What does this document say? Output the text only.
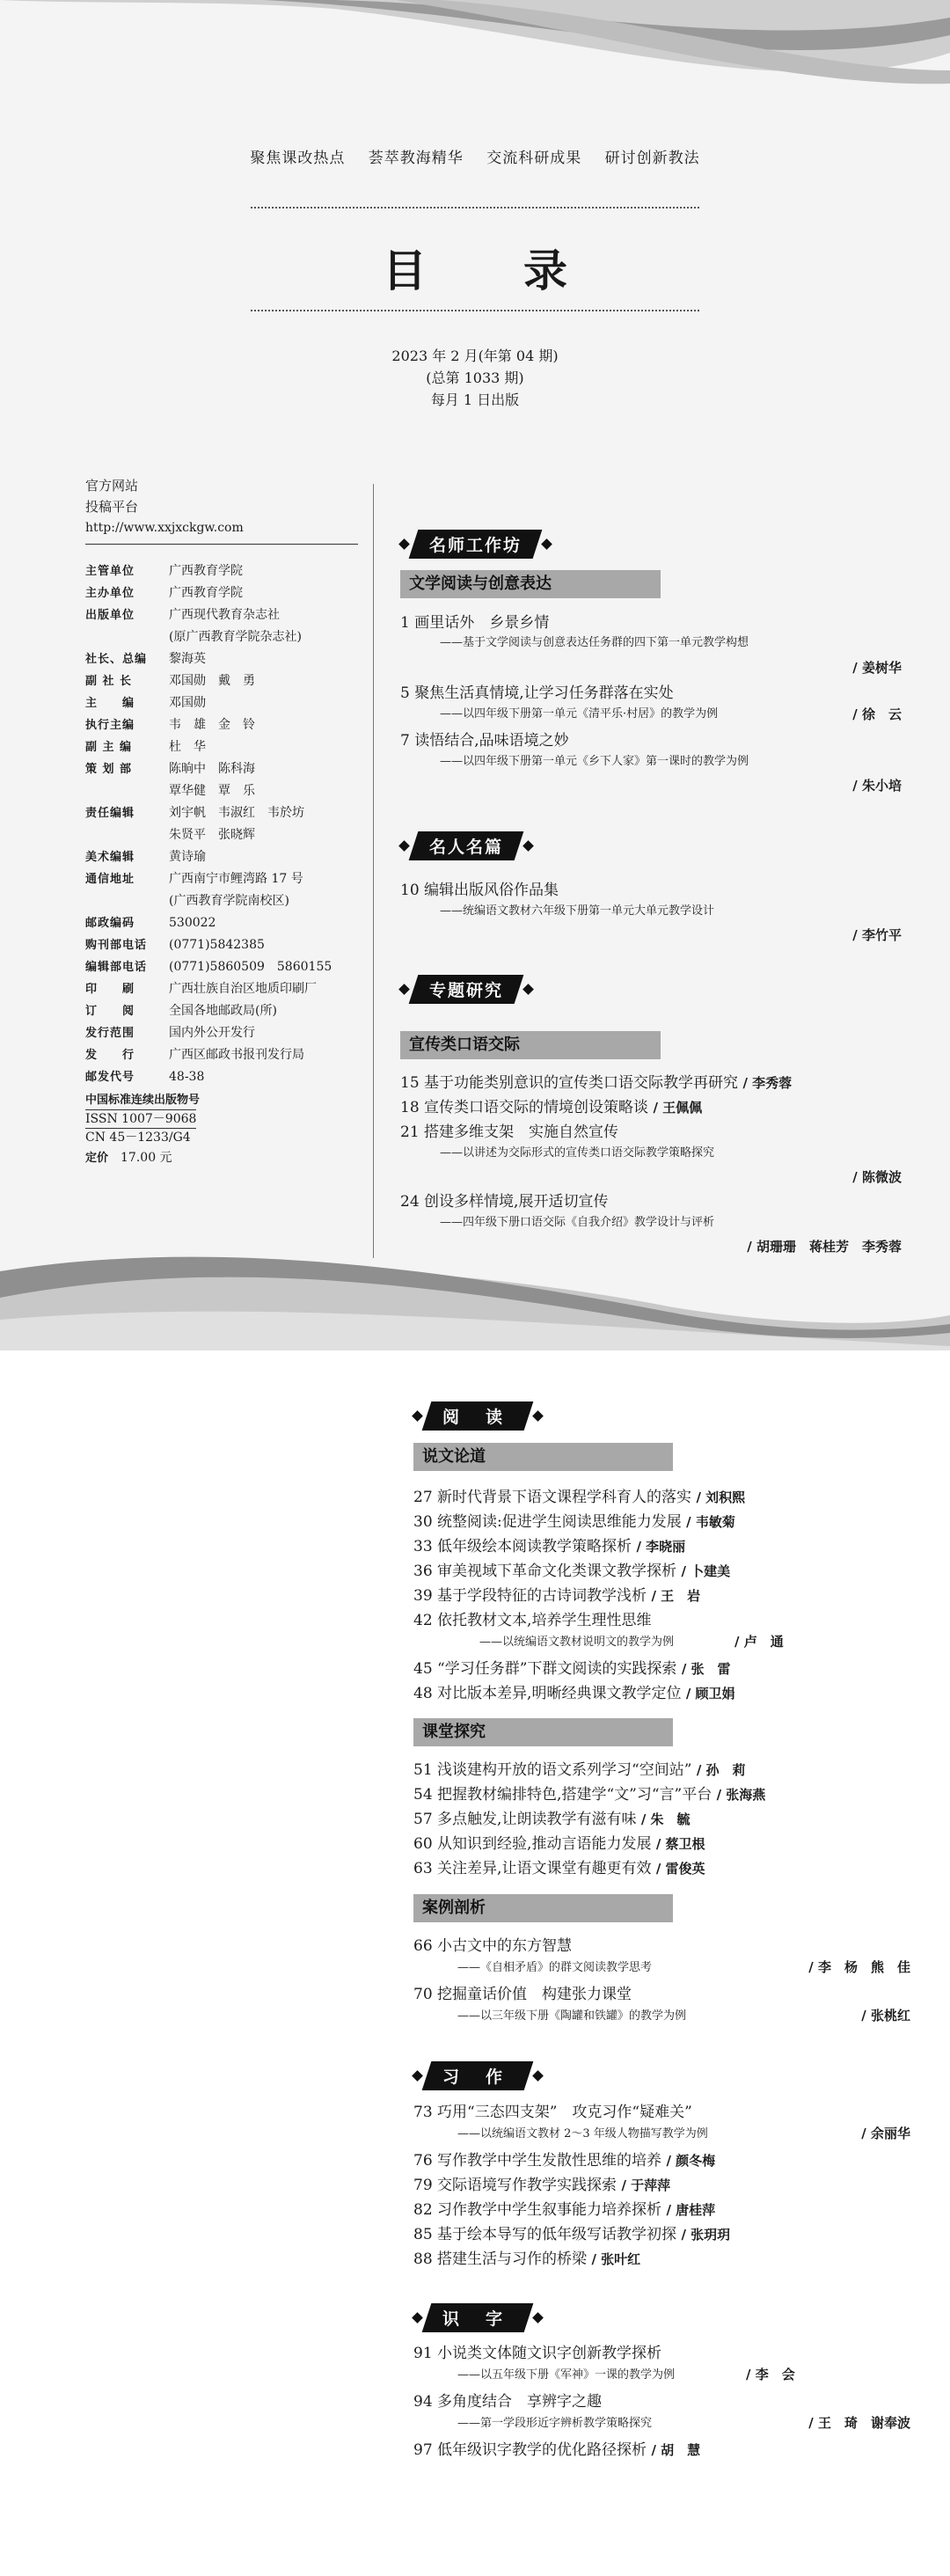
聚焦课改热点 荟萃教海精华 交流科研成果 研讨创新教法
目　录
2023 年 2 月(年第 04 期)
(总第 1033 期)
每月 1 日出版
官方网站
投稿平台
http://www.xxjxckgw.com
主管单位	广西教育学院
主办单位	广西教育学院
出版单位	广西现代教育杂志社
(原广西教育学院杂志社)
社长、总编	黎海英
副 社 长	邓国勋　戴　勇
主　　编	邓国勋
执行主编	韦　雄　金　铃
副 主 编	杜　华
策 划 部	陈晌中　陈科海
覃华健　覃　乐
责任编辑	刘宇帆　韦淑红　韦於坊
朱贤平　张晓辉
美术编辑	黄诗瑜
通信地址	广西南宁市鲤湾路 17 号
(广西教育学院南校区)
邮政编码	530022
购刊部电话	(0771)5842385
编辑部电话	(0771)5860509　5860155
印　　刷	广西壮族自治区地质印刷厂
订　　阅	全国各地邮政局(所)
发行范围	国内外公开发行
发　　行	广西区邮政书报刊发行局
邮发代号	48-38
中国标准连续出版物号
ISSN 1007－9068
CN 45－1233/G4
定价 17.00 元
名师工作坊
文学阅读与创意表达
1 画里话外　乡景乡情
——基于文学阅读与创意表达任务群的四下第一单元教学构想
/ 姜树华
5 聚焦生活真情境,让学习任务群落在实处
——以四年级下册第一单元《清平乐·村居》的教学为例	/ 徐　云
7 读悟结合,品味语境之妙
——以四年级下册第一单元《乡下人家》第一课时的教学为例
/ 朱小培
名人名篇
10 编辑出版风俗作品集
——统编语文教材六年级下册第一单元大单元教学设计
/ 李竹平
专题研究
宣传类口语交际
15 基于功能类别意识的宣传类口语交际教学再研究 / 李秀蓉
18 宣传类口语交际的情境创设策略谈 / 王佩佩
21 搭建多维支架　实施自然宣传
——以讲述为交际形式的宣传类口语交际教学策略探究
/ 陈微波
24 创设多样情境,展开适切宣传
——四年级下册口语交际《自我介绍》教学设计与评析
/ 胡珊珊　蒋桂芳　李秀蓉
阅读
说文论道
27 新时代背景下语文课程学科育人的落实 / 刘积熙
30 统整阅读:促进学生阅读思维能力发展 / 韦敏菊
33 低年级绘本阅读教学策略探析 / 李晓丽
36 审美视域下革命文化类课文教学探析 / 卜建美
39 基于学段特征的古诗词教学浅析 / 王　岩
42 依托教材文本,培养学生理性思维
——以统编语文教材说明文的教学为例	/ 卢　通
45 “学习任务群”下群文阅读的实践探索 / 张　雷
48 对比版本差异,明晰经典课文教学定位 / 顾卫娟
课堂探究
51 浅谈建构开放的语文系列学习“空间站” / 孙　莉
54 把握教材编排特色,搭建学“文”习“言”平台 / 张海燕
57 多点触发,让朗读教学有滋有味 / 朱　毓
60 从知识到经验,推动言语能力发展 / 蔡卫根
63 关注差异,让语文课堂有趣更有效 / 雷俊英
案例剖析
66 小古文中的东方智慧
——《自相矛盾》的群文阅读教学思考	/ 李　杨　熊　佳
70 挖掘童话价值　构建张力课堂
——以三年级下册《陶罐和铁罐》的教学为例	/ 张桃红
习作
73 巧用“三态四支架”　攻克习作“疑难关”
——以统编语文教材 2～3 年级人物描写教学为例	/ 余丽华
76 写作教学中学生发散性思维的培养 / 颜冬梅
79 交际语境写作教学实践探索 / 于萍萍
82 习作教学中学生叙事能力培养探析 / 唐桂萍
85 基于绘本导写的低年级写话教学初探 / 张玥玥
88 搭建生活与习作的桥梁 / 张叶红
识字
91 小说类文体随文识字创新教学探析
——以五年级下册《军神》一课的教学为例	/ 李　会
94 多角度结合　享辨字之趣
——第一学段形近字辨析教学策略探究	/ 王　琦　谢奉波
97 低年级识字教学的优化路径探析 / 胡　慧
